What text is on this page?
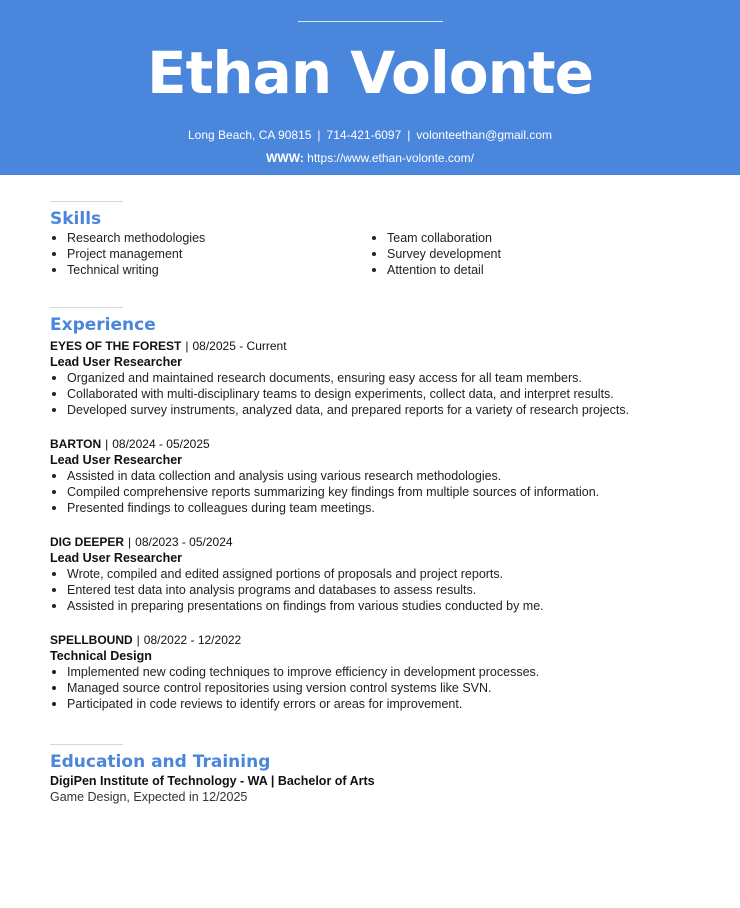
Ethan Volonte
Long Beach, CA 90815 | 714-421-6097 | volonteethan@gmail.com
WWW: https://www.ethan-volonte.com/
Skills
Research methodologies
Project management
Technical writing
Team collaboration
Survey development
Attention to detail
Experience
EYES OF THE FOREST | 08/2025 - Current
Lead User Researcher
Organized and maintained research documents, ensuring easy access for all team members.
Collaborated with multi-disciplinary teams to design experiments, collect data, and interpret results.
Developed survey instruments, analyzed data, and prepared reports for a variety of research projects.
BARTON | 08/2024 - 05/2025
Lead User Researcher
Assisted in data collection and analysis using various research methodologies.
Compiled comprehensive reports summarizing key findings from multiple sources of information.
Presented findings to colleagues during team meetings.
DIG DEEPER | 08/2023 - 05/2024
Lead User Researcher
Wrote, compiled and edited assigned portions of proposals and project reports.
Entered test data into analysis programs and databases to assess results.
Assisted in preparing presentations on findings from various studies conducted by me.
SPELLBOUND | 08/2022 - 12/2022
Technical Design
Implemented new coding techniques to improve efficiency in development processes.
Managed source control repositories using version control systems like SVN.
Participated in code reviews to identify errors or areas for improvement.
Education and Training
DigiPen Institute of Technology - WA | Bachelor of Arts
Game Design, Expected in 12/2025
